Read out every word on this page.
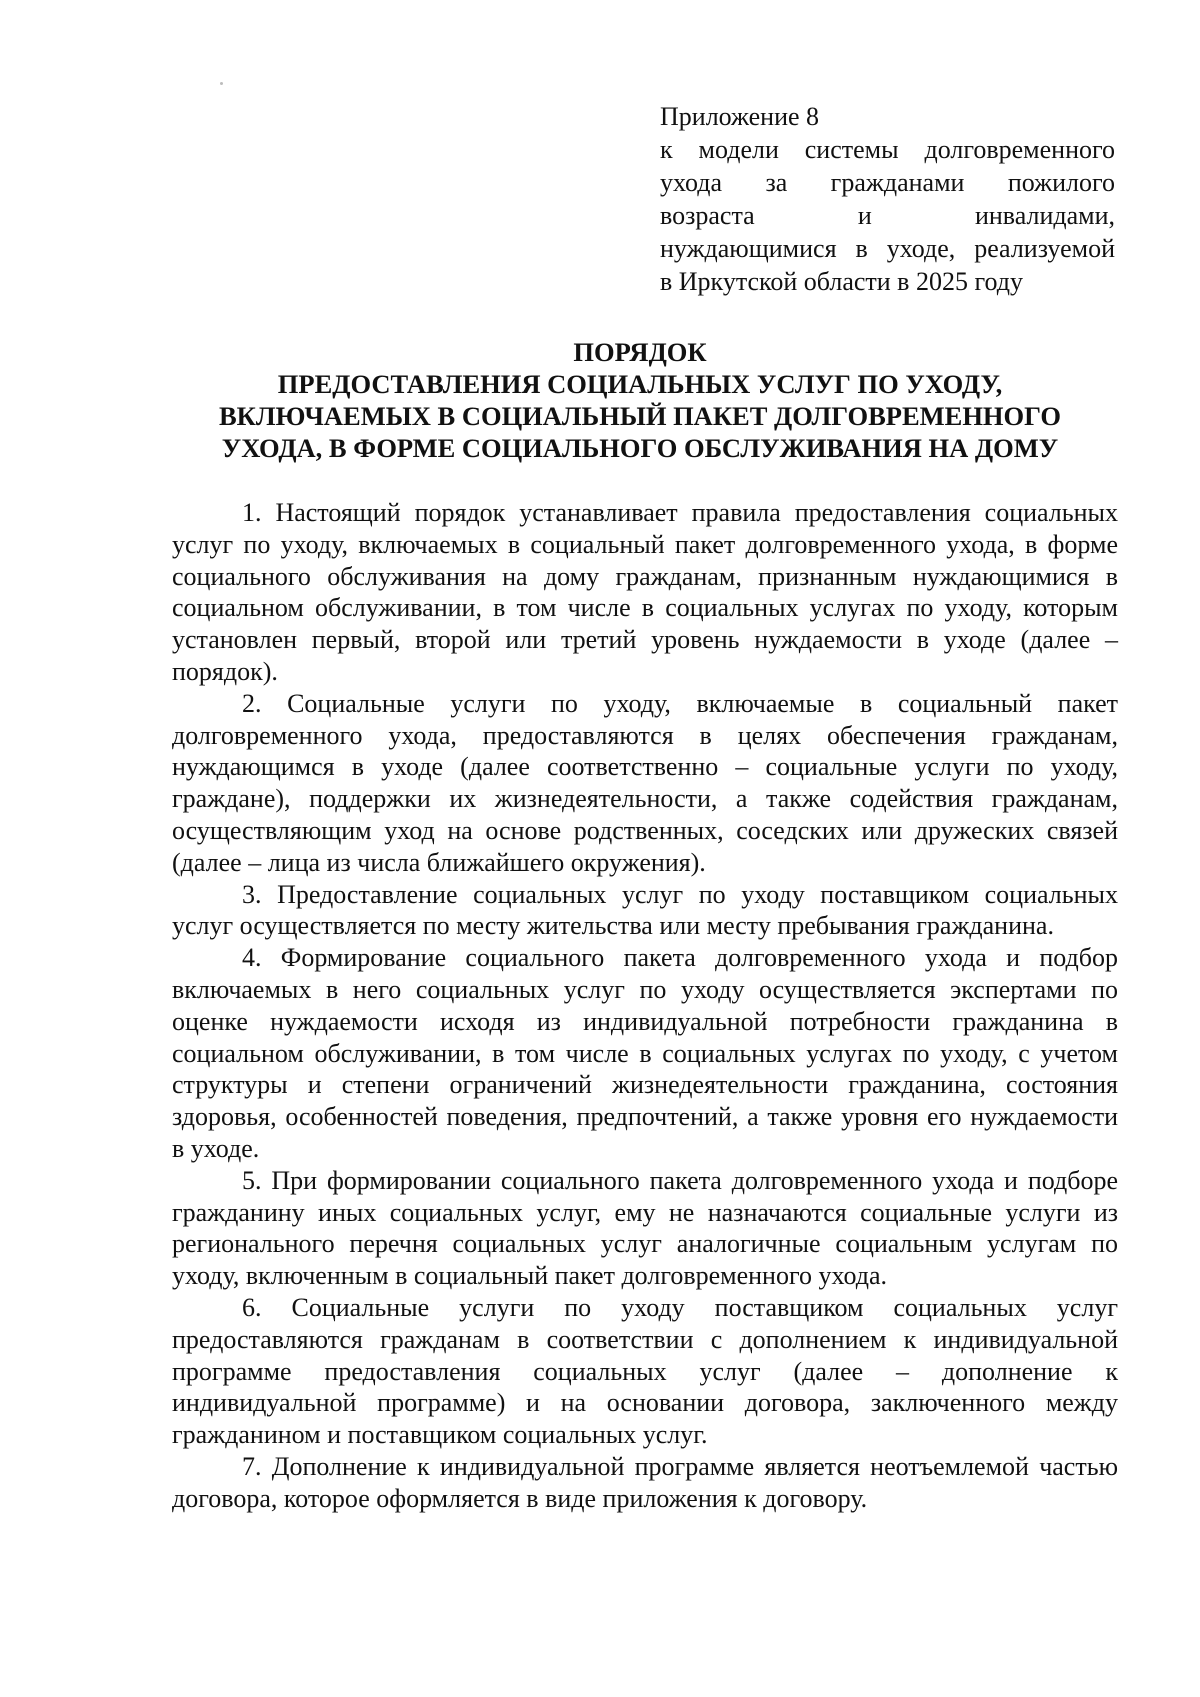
Приложение 8
к модели системы долговременного
ухода за гражданами пожилого
возраста и инвалидами,
нуждающимися в уходе, реализуемой
в Иркутской области в 2025 году
ПОРЯДОК
ПРЕДОСТАВЛЕНИЯ СОЦИАЛЬНЫХ УСЛУГ ПО УХОДУ,
ВКЛЮЧАЕМЫХ В СОЦИАЛЬНЫЙ ПАКЕТ ДОЛГОВРЕМЕННОГО
УХОДА, В ФОРМЕ СОЦИАЛЬНОГО ОБСЛУЖИВАНИЯ НА ДОМУ

1. Настоящий порядок устанавливает правила предоставления социальных услуг по уходу, включаемых в социальный пакет долговременного ухода, в форме социального обслуживания на дому гражданам, признанным нуждающимися в социальном обслуживании, в том числе в социальных услугах по уходу, которым установлен первый, второй или третий уровень нуждаемости в уходе (далее – порядок).

2. Социальные услуги по уходу, включаемые в социальный пакет долговременного ухода, предоставляются в целях обеспечения гражданам, нуждающимся в уходе (далее соответственно – социальные услуги по уходу, граждане), поддержки их жизнедеятельности, а также содействия гражданам, осуществляющим уход на основе родственных, соседских или дружеских связей (далее – лица из числа ближайшего окружения).

3. Предоставление социальных услуг по уходу поставщиком социальных услуг осуществляется по месту жительства или месту пребывания гражданина.

4. Формирование социального пакета долговременного ухода и подбор включаемых в него социальных услуг по уходу осуществляется экспертами по оценке нуждаемости исходя из индивидуальной потребности гражданина в социальном обслуживании, в том числе в социальных услугах по уходу, с учетом структуры и степени ограничений жизнедеятельности гражданина, состояния здоровья, особенностей поведения, предпочтений, а также уровня его нуждаемости в уходе.

5. При формировании социального пакета долговременного ухода и подборе гражданину иных социальных услуг, ему не назначаются социальные услуги из регионального перечня социальных услуг аналогичные социальным услугам по уходу, включенным в социальный пакет долговременного ухода.

6. Социальные услуги по уходу поставщиком социальных услуг предоставляются гражданам в соответствии с дополнением к индивидуальной программе предоставления социальных услуг (далее – дополнение к индивидуальной программе) и на основании договора, заключенного между гражданином и поставщиком социальных услуг.

7. Дополнение к индивидуальной программе является неотъемлемой частью договора, которое оформляется в виде приложения к договору.
